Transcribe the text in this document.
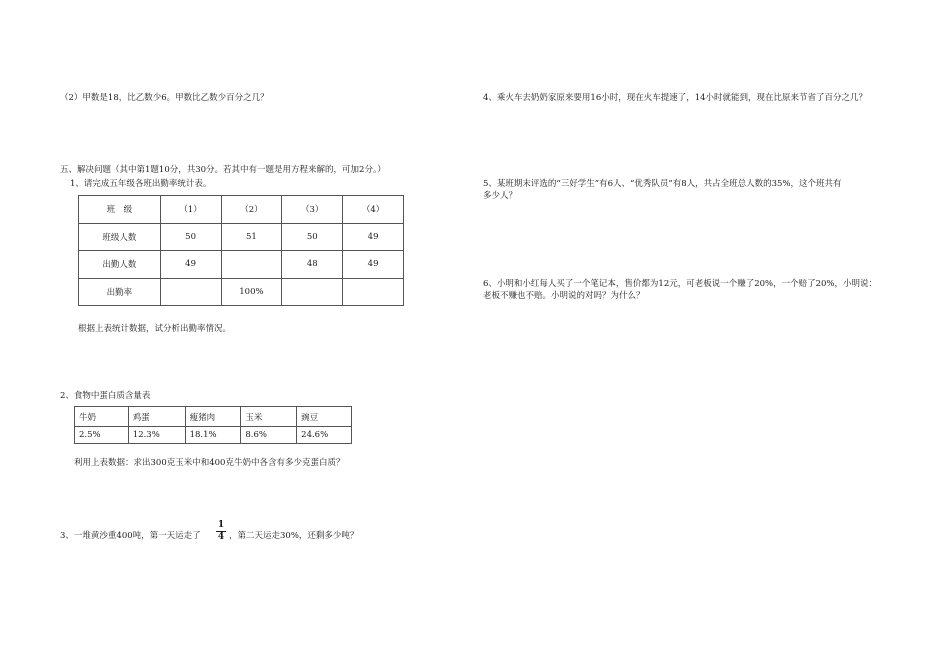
（2）甲数是18，比乙数少6。甲数比乙数少百分之几？
五、解决问题（其中第1题10分，共30分。若其中有一题是用方程来解的，可加2分。）
1、请完成五年级各班出勤率统计表。
班　级	（1）	（2）	（3）	（4）
班级人数	50	51	50	49
出勤人数	49		48	49
出勤率		100%		
根据上表统计数据，试分析出勤率情况。
2、食物中蛋白质含量表
牛奶	鸡蛋	瘦猪肉	玉米	豌豆
2.5%	12.3%	18.1%	8.6%	24.6%
利用上表数据：求出300克玉米中和400克牛奶中各含有多少克蛋白质？
3、一堆黄沙重400吨，第一天运走了
1
4 ，第二天运走30%，还剩多少吨？
4、乘火车去奶奶家原来要用16小时，现在火车提速了，14小时就能到，现在比原来节省了百分之几？
5、某班期末评选的“三好学生”有6人、“优秀队员”有8人，共占全班总人数的35%，这个班共有
多少人？
6、小明和小红每人买了一个笔记本，售价都为12元，可老板说一个赚了20%，一个赔了20%，小明说：
老板不赚也不赔。小明说的对吗？为什么？
